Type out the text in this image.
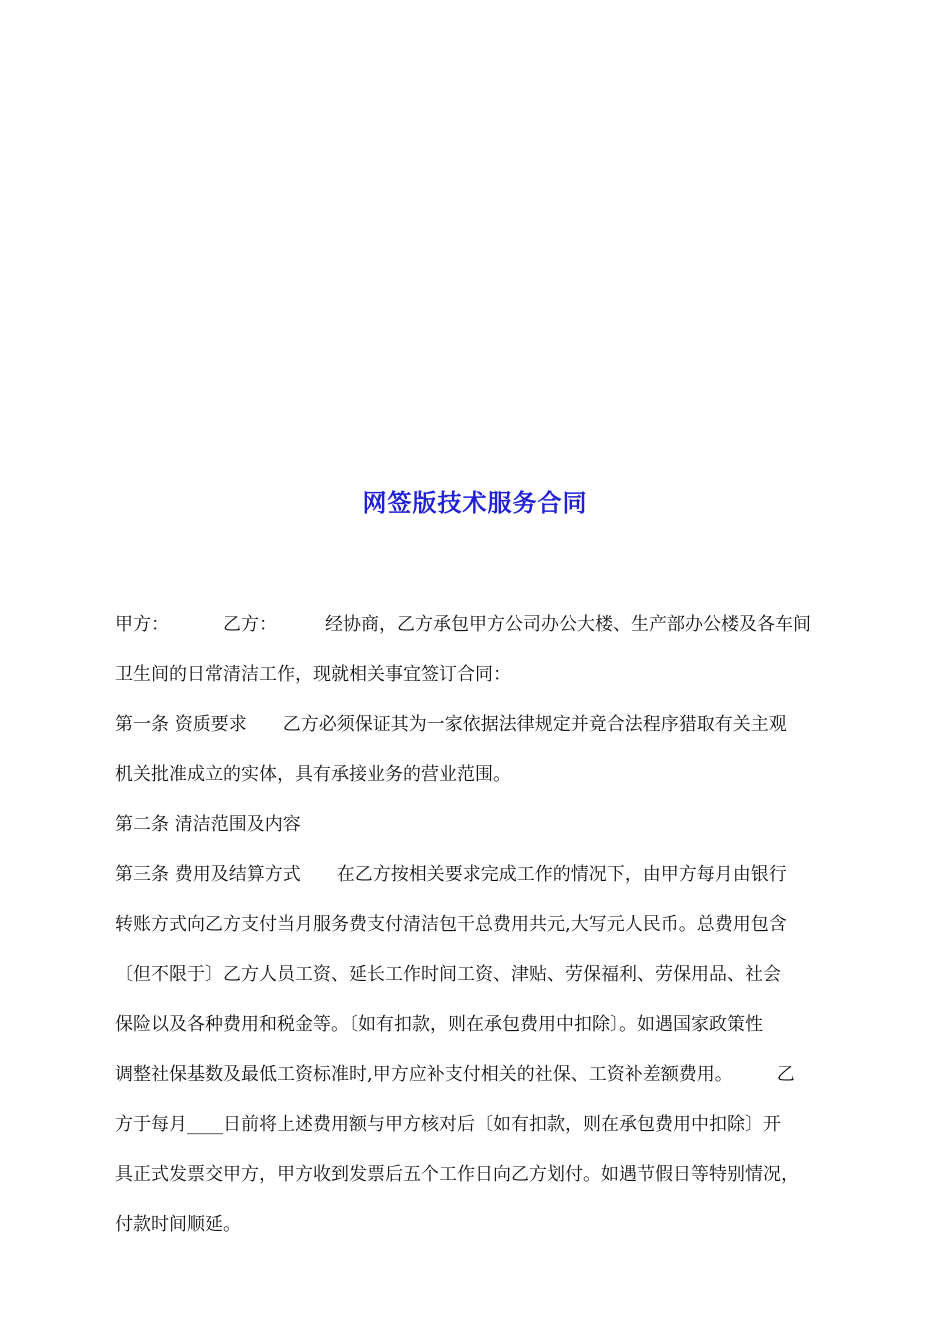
网签版技术服务合同
甲方：	乙方：	经协商，乙方承包甲方公司办公大楼、生产部办公楼及各车间
卫生间的日常清洁工作，现就相关事宜签订合同：
第一条 资质要求 乙方必须保证其为一家依据法律规定并竟合法程序猎取有关主观
机关批准成立的实体，具有承接业务的营业范围。
第二条 清洁范围及内容
第三条 费用及结算方式 在乙方按相关要求完成工作的情况下，由甲方每月由银行
转账方式向乙方支付当月服务费支付清洁包干总费用共元,大写元人民币。总费用包含
〔但不限于〕乙方人员工资、延长工作时间工资、津贴、劳保福利、劳保用品、社会
保险以及各种费用和税金等。〔如有扣款，则在承包费用中扣除〕。如遇国家政策性
调整社保基数及最低工资标准时,甲方应补支付相关的社保、工资补差额费用。 乙
方于每月____日前将上述费用额与甲方核对后〔如有扣款，则在承包费用中扣除〕开
具正式发票交甲方，甲方收到发票后五个工作日向乙方划付。如遇节假日等特别情况，
付款时间顺延。
